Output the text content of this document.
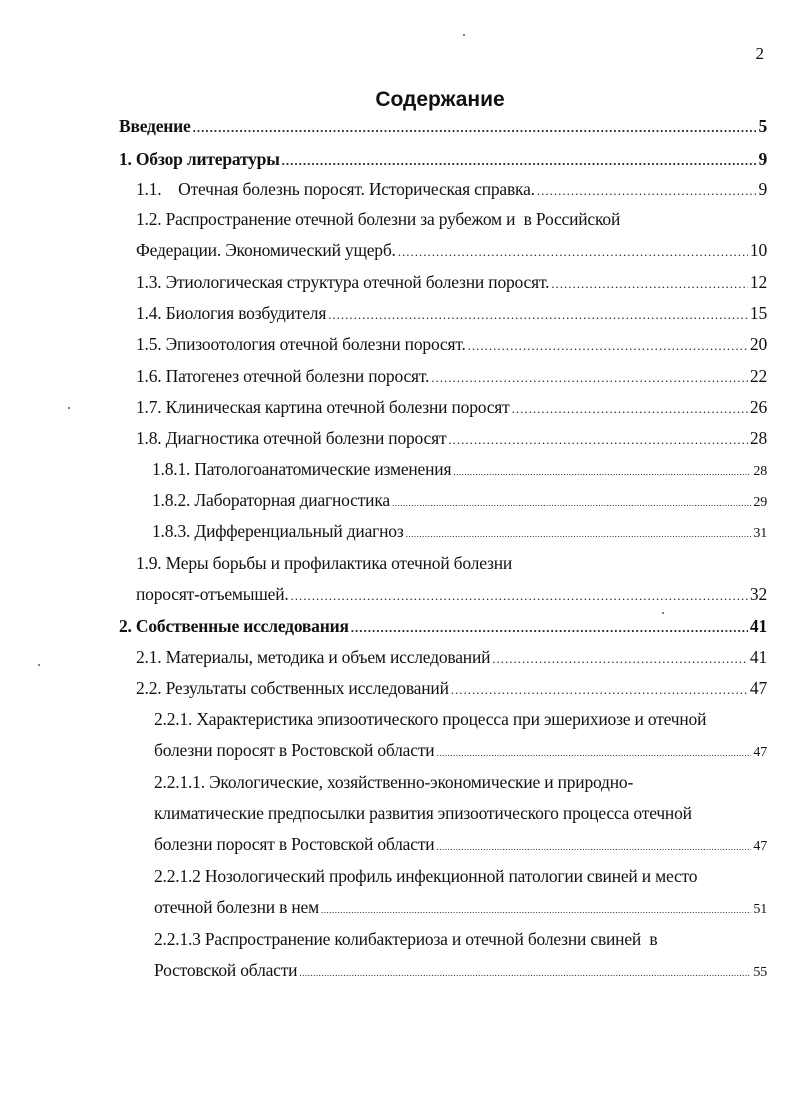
2
Содержание
Введение .....	5
1. Обзор литературы .....	9
1.1.    Отечная болезнь поросят. Историческая справка. .....	9
1.2. Распространение отечной болезни за рубежом и  в Российской
Федерации. Экономический ущерб. .....	10
1.3. Этиологическая структура отечной болезни поросят. .....	12
1.4. Биология возбудителя .....	15
1.5. Эпизоотология отечной болезни поросят. .....	20
1.6. Патогенез отечной болезни поросят. .....	22
1.7. Клиническая картина отечной болезни поросят .....	26
1.8. Диагностика отечной болезни поросят .....	28
1.8.1. Патологоанатомические изменения .....	28
1.8.2. Лабораторная диагностика .....	29
1.8.3. Дифференциальный диагноз .....	31
1.9. Меры борьбы и профилактика отечной болезни
поросят-отъемышей. .....	32
2. Собственные исследования .....	41
2.1. Материалы, методика и объем исследований .....	41
2.2. Результаты собственных исследований .....	47
2.2.1. Характеристика эпизоотического процесса при эшерихиозе и отечной
болезни поросят в Ростовской области .....	47
2.2.1.1. Экологические, хозяйственно-экономические и природно-
климатические предпосылки развития эпизоотического процесса отечной
болезни поросят в Ростовской области .....	47
2.2.1.2 Нозологический профиль инфекционной патологии свиней и место
отечной болезни в нем .....	51
2.2.1.3 Распространение колибактериоза и отечной болезни свиней  в
Ростовской области .....	55
